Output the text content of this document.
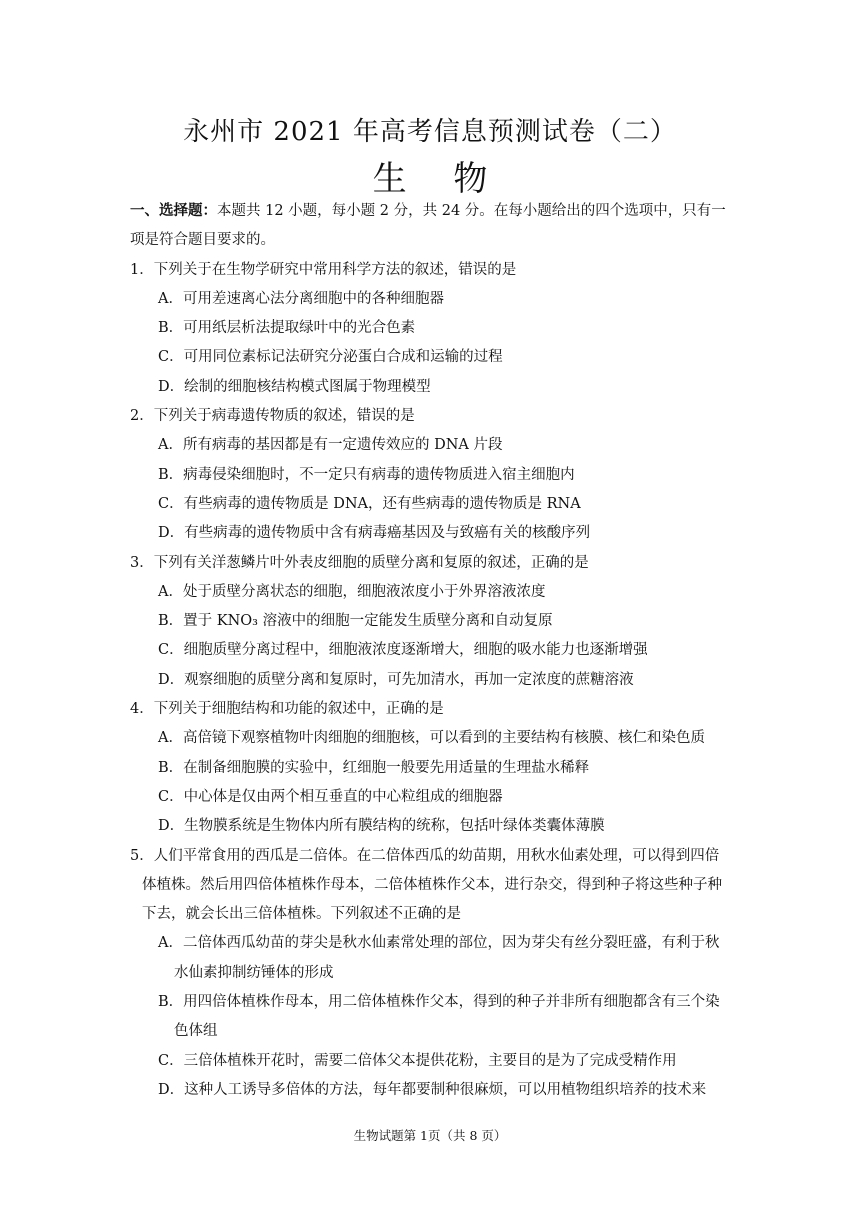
永州市 2021 年高考信息预测试卷（二）
生 物
一、选择题：本题共 12 小题，每小题 2 分，共 24 分。在每小题给出的四个选项中，只有一项是符合题目要求的。
1．下列关于在生物学研究中常用科学方法的叙述，错误的是
A．可用差速离心法分离细胞中的各种细胞器
B．可用纸层析法提取绿叶中的光合色素
C．可用同位素标记法研究分泌蛋白合成和运输的过程
D．绘制的细胞核结构模式图属于物理模型
2．下列关于病毒遗传物质的叙述，错误的是
A．所有病毒的基因都是有一定遗传效应的 DNA 片段
B．病毒侵染细胞时，不一定只有病毒的遗传物质进入宿主细胞内
C．有些病毒的遗传物质是 DNA，还有些病毒的遗传物质是 RNA
D．有些病毒的遗传物质中含有病毒癌基因及与致癌有关的核酸序列
3．下列有关洋葱鳞片叶外表皮细胞的质壁分离和复原的叙述，正确的是
A．处于质壁分离状态的细胞，细胞液浓度小于外界溶液浓度
B．置于 KNO₃ 溶液中的细胞一定能发生质壁分离和自动复原
C．细胞质壁分离过程中，细胞液浓度逐渐增大，细胞的吸水能力也逐渐增强
D．观察细胞的质壁分离和复原时，可先加清水，再加一定浓度的蔗糖溶液
4．下列关于细胞结构和功能的叙述中，正确的是
A．高倍镜下观察植物叶肉细胞的细胞核，可以看到的主要结构有核膜、核仁和染色质
B．在制备细胞膜的实验中，红细胞一般要先用适量的生理盐水稀释
C．中心体是仅由两个相互垂直的中心粒组成的细胞器
D．生物膜系统是生物体内所有膜结构的统称，包括叶绿体类囊体薄膜
5．人们平常食用的西瓜是二倍体。在二倍体西瓜的幼苗期，用秋水仙素处理，可以得到四倍体植株。然后用四倍体植株作母本，二倍体植株作父本，进行杂交，得到种子将这些种子种下去，就会长出三倍体植株。下列叙述不正确的是
A．二倍体西瓜幼苗的芽尖是秋水仙素常处理的部位，因为芽尖有丝分裂旺盛，有利于秋水仙素抑制纺锤体的形成
B．用四倍体植株作母本，用二倍体植株作父本，得到的种子并非所有细胞都含有三个染色体组
C．三倍体植株开花时，需要二倍体父本提供花粉，主要目的是为了完成受精作用
D．这种人工诱导多倍体的方法，每年都要制种很麻烦，可以用植物组织培养的技术来
生物试题第 1页（共 8 页）
